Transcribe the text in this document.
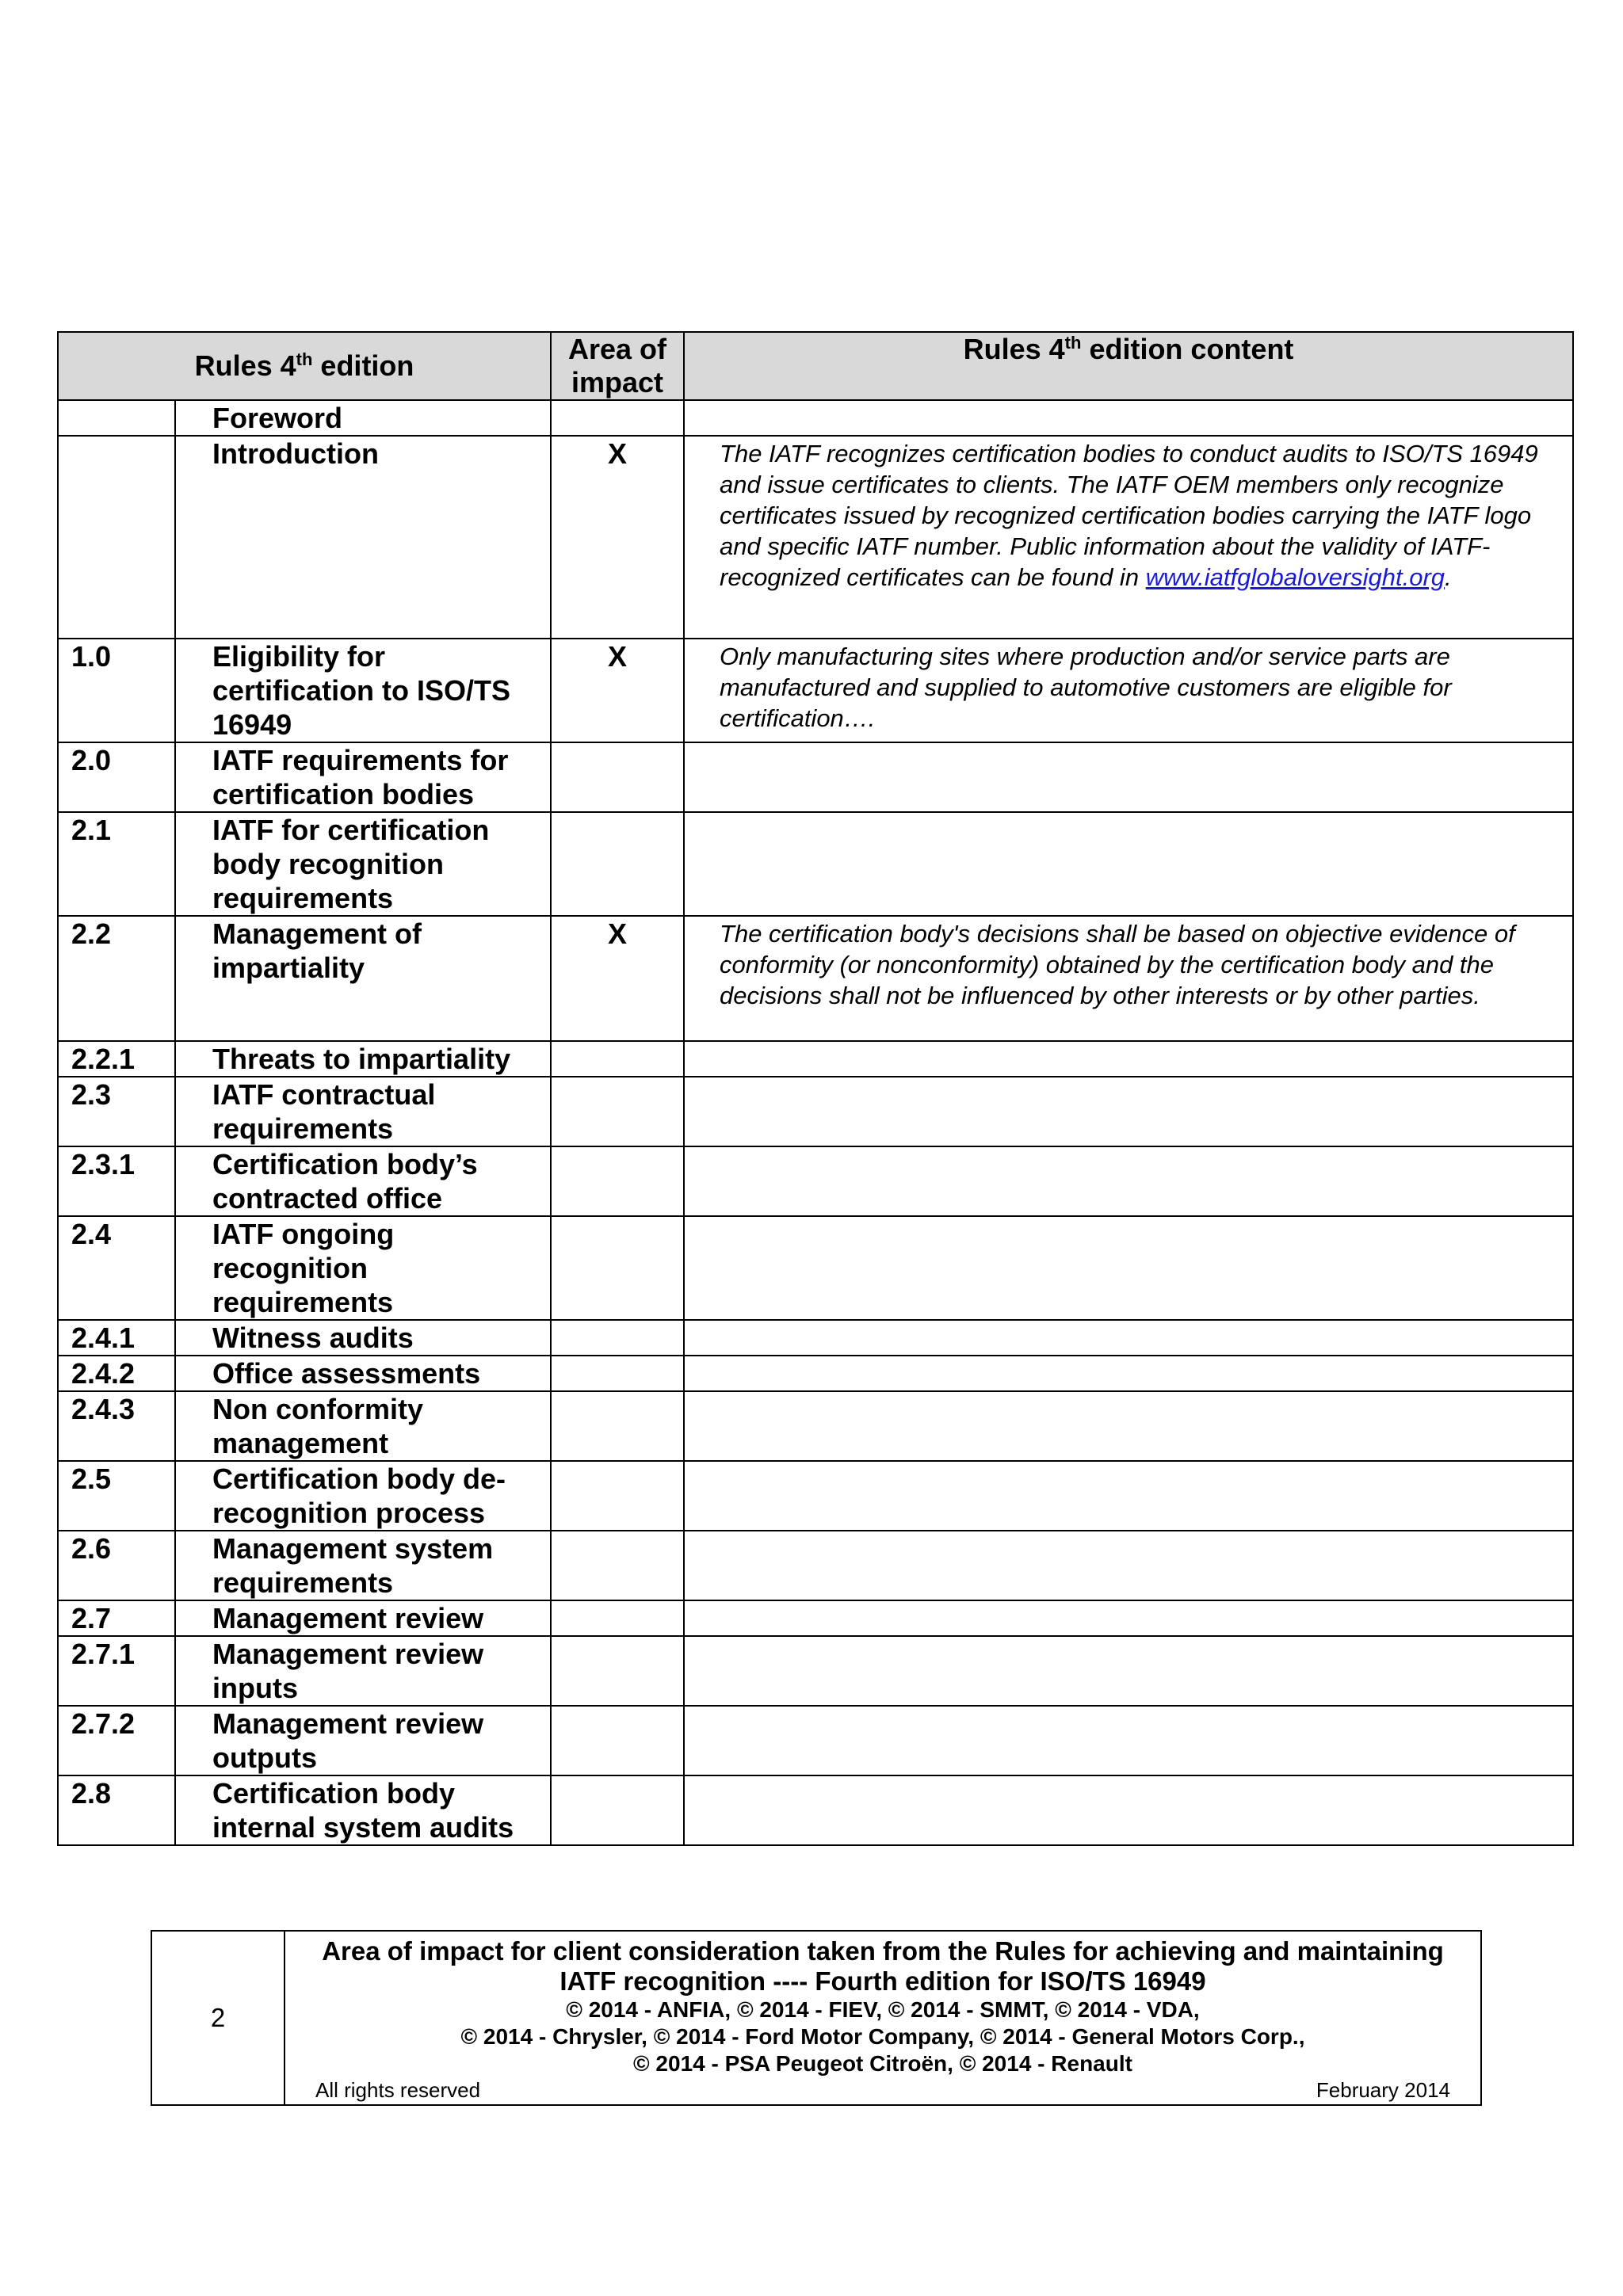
Rules 4th edition		Area of impact	Rules 4th edition content
	Foreword		
	Introduction	X	The IATF recognizes certification bodies to conduct audits to ISO/TS 16949 and issue certificates to clients. The IATF OEM members only recognize certificates issued by recognized certification bodies carrying the IATF logo and specific IATF number. Public information about the validity of IATF-recognized certificates can be found in www.iatfglobaloversight.org.
1.0	Eligibility for certification to ISO/TS 16949	X	Only manufacturing sites where production and/or service parts are manufactured and supplied to automotive customers are eligible for certification….
2.0	IATF requirements for certification bodies		
2.1	IATF for certification body recognition requirements		
2.2	Management of impartiality	X	The certification body's decisions shall be based on objective evidence of conformity (or nonconformity) obtained by the certification body and the decisions shall not be influenced by other interests or by other parties.
2.2.1	Threats to impartiality		
2.3	IATF contractual requirements		
2.3.1	Certification body’s contracted office		
2.4	IATF ongoing recognition requirements		
2.4.1	Witness audits		
2.4.2	Office assessments		
2.4.3	Non conformity management		
2.5	Certification body de-recognition process		
2.6	Management system requirements		
2.7	Management review		
2.7.1	Management review inputs		
2.7.2	Management review outputs		
2.8	Certification body internal system audits		
2	
Area of impact for client consideration taken from the Rules for achieving and maintaining
IATF recognition ---- Fourth edition for ISO/TS 16949
© 2014 - ANFIA, © 2014 - FIEV, © 2014 - SMMT, © 2014 - VDA,
© 2014 - Chrysler, © 2014 - Ford Motor Company, © 2014 - General Motors Corp.,
© 2014 - PSA Peugeot Citroën, © 2014 - Renault
All rights reserved	February 2014
